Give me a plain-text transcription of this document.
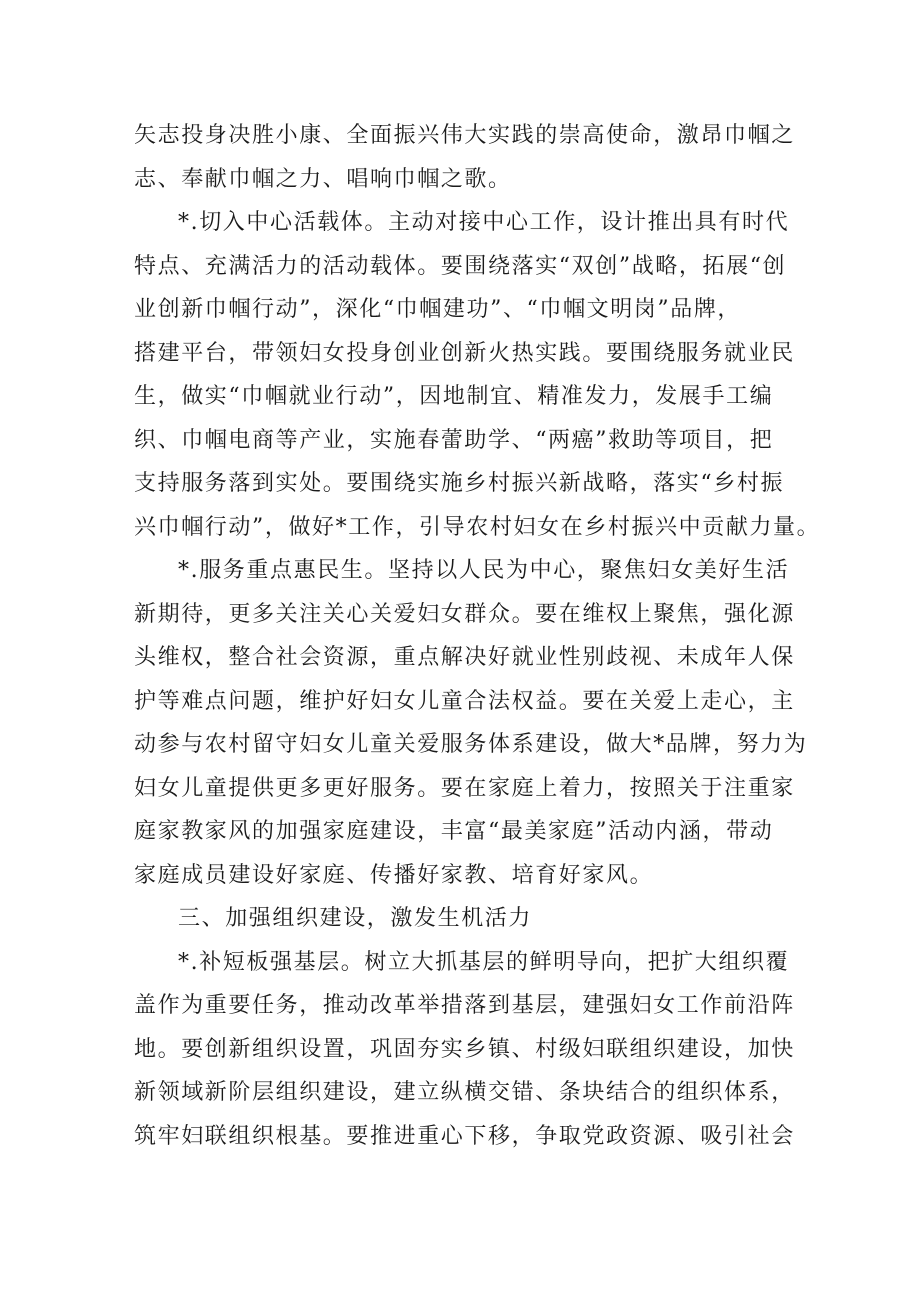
矢志投身决胜小康、全面振兴伟大实践的崇高使命，激昂巾帼之
志、奉献巾帼之力、唱响巾帼之歌。
*.切入中心活载体。主动对接中心工作，设计推出具有时代
特点、充满活力的活动载体。要围绕落实“双创”战略，拓展“创
业创新巾帼行动”，深化“巾帼建功”、“巾帼文明岗”品牌，
搭建平台，带领妇女投身创业创新火热实践。要围绕服务就业民
生，做实“巾帼就业行动”，因地制宜、精准发力，发展手工编
织、巾帼电商等产业，实施春蕾助学、“两癌”救助等项目，把
支持服务落到实处。要围绕实施乡村振兴新战略，落实“乡村振
兴巾帼行动”，做好*工作，引导农村妇女在乡村振兴中贡献力量。
*.服务重点惠民生。坚持以人民为中心，聚焦妇女美好生活
新期待，更多关注关心关爱妇女群众。要在维权上聚焦，强化源
头维权，整合社会资源，重点解决好就业性别歧视、未成年人保
护等难点问题，维护好妇女儿童合法权益。要在关爱上走心，主
动参与农村留守妇女儿童关爱服务体系建设，做大*品牌，努力为
妇女儿童提供更多更好服务。要在家庭上着力，按照关于注重家
庭家教家风的加强家庭建设，丰富“最美家庭”活动内涵，带动
家庭成员建设好家庭、传播好家教、培育好家风。
三、加强组织建设，激发生机活力
*.补短板强基层。树立大抓基层的鲜明导向，把扩大组织覆
盖作为重要任务，推动改革举措落到基层，建强妇女工作前沿阵
地。要创新组织设置，巩固夯实乡镇、村级妇联组织建设，加快
新领域新阶层组织建设，建立纵横交错、条块结合的组织体系，
筑牢妇联组织根基。要推进重心下移，争取党政资源、吸引社会
